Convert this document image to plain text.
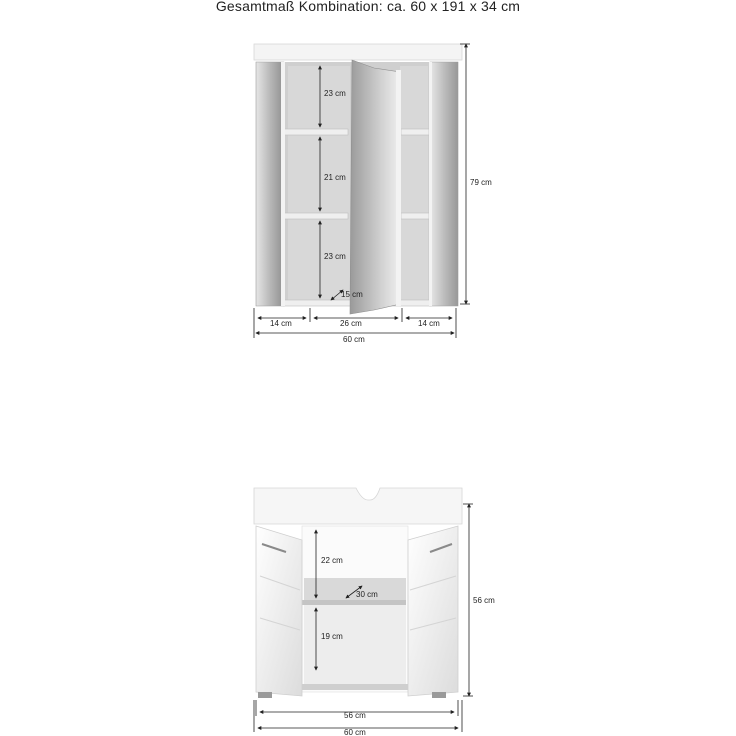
Gesamtmaß Kombination: ca. 60 x 191 x 34 cm
23 cm
21 cm
23 cm
15 cm
79 cm
14 cm	26 cm	14 cm
60 cm
22 cm
30 cm
19 cm
56 cm
56 cm
60 cm
